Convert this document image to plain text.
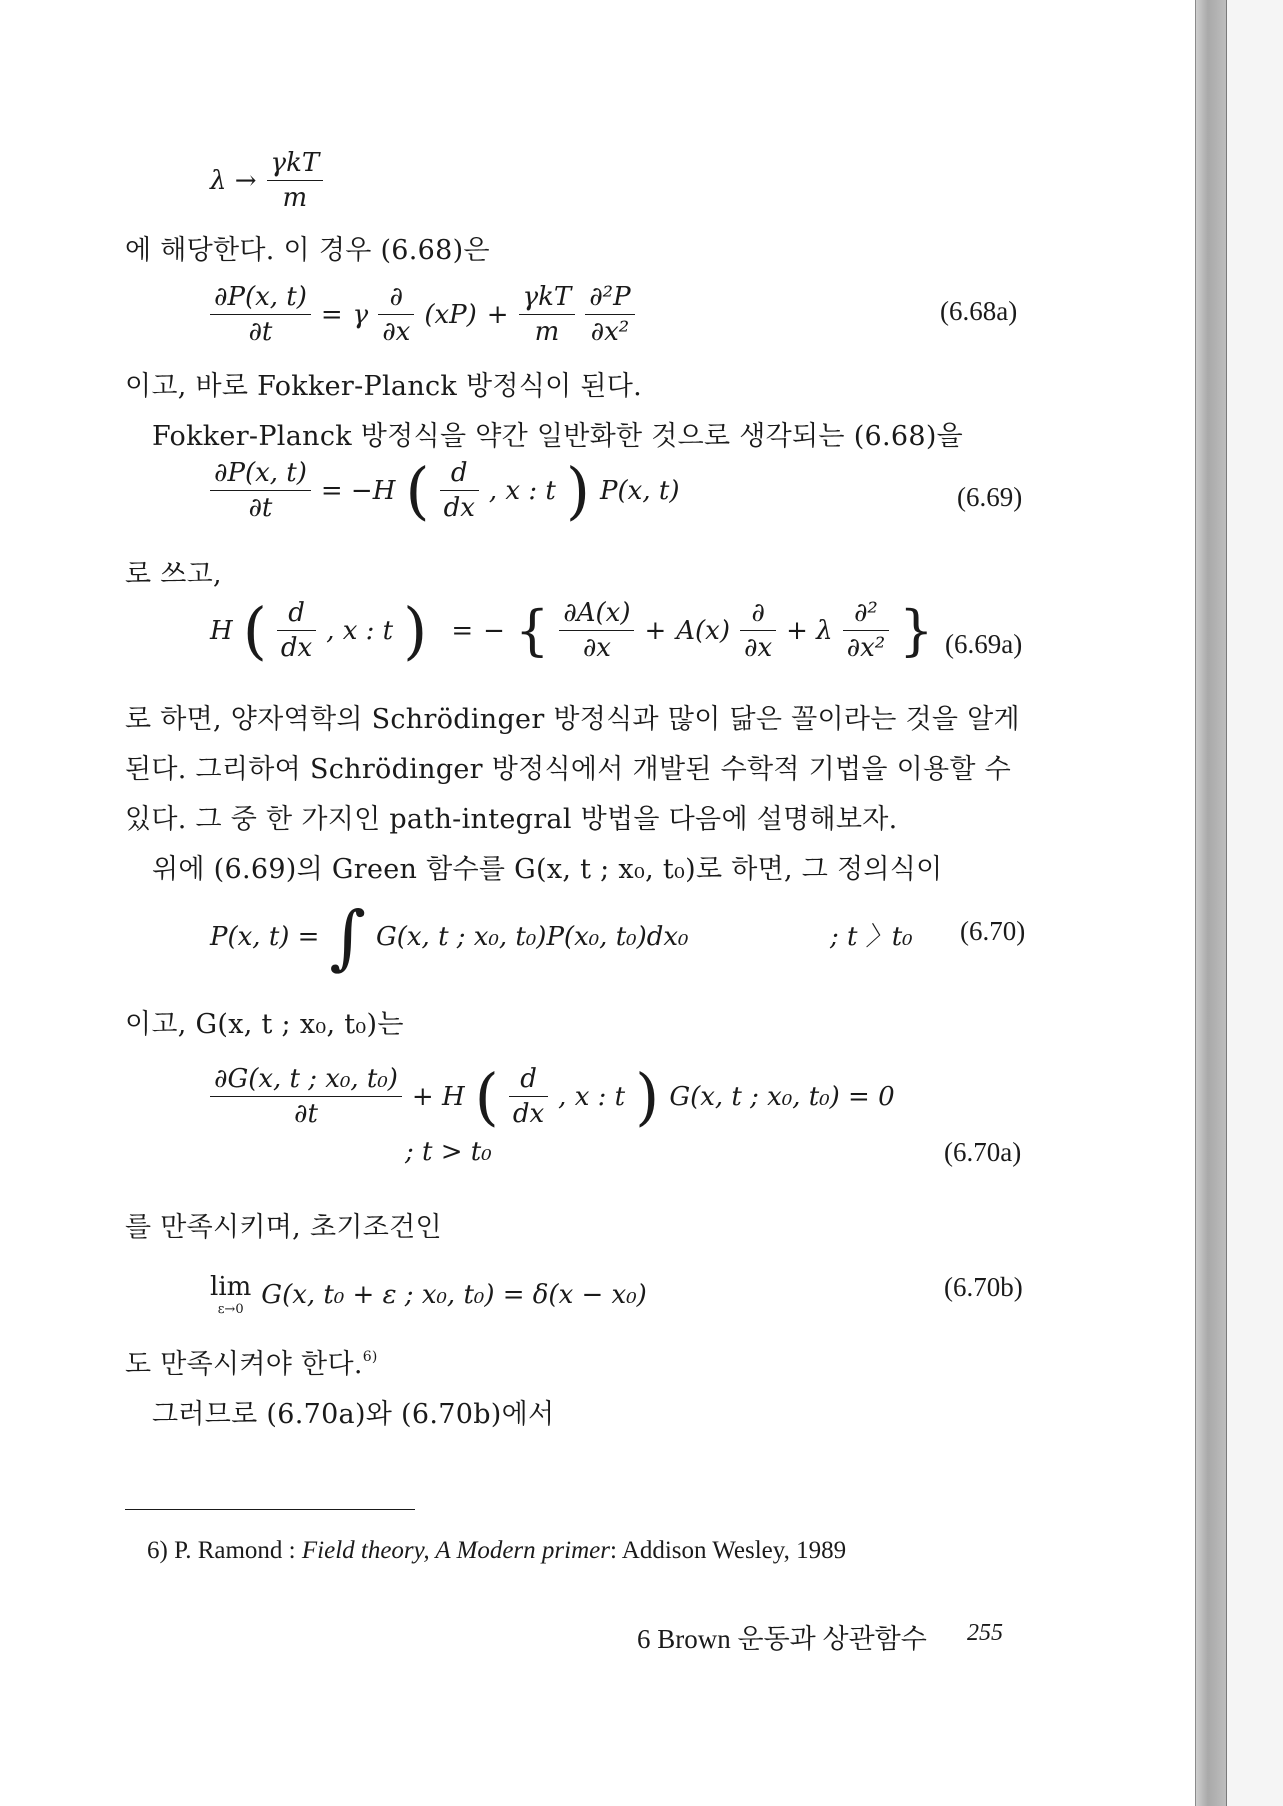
$\lambda \to \frac{\text{γkT}}{m}$
에 해당한다. 이 경우 (6.68)은
$\frac{\partial P(x, t)}{\partial t} = \gamma \frac{\partial}{\partial x} (xP) + \frac{\text{γkT}}{m} \frac{\text{∂²P}}{\text{∂x²}}$	(6.68a)
이고, 바로 Fokker-Planck 방정식이 된다.
Fokker-Planck 방정식을 약간 일반화한 것으로 생각되는 (6.68)을
$\frac{\partial P(x, t)}{\partial t} = -H$ ( $\frac{d}{dx}$ , x : t ) P(x, t)	(6.69)
로 쓰고,
H ( $\frac{d}{dx}$ , x : t ) = − { $\frac{\partial A(x)}{\partial x} + A(x) \frac{\partial}{\partial x} + \lambda \frac{\text{∂²}}{\text{∂x²}}$ } (6.69a)
로 하면, 양자역학의 Schrödinger 방정식과 많이 닮은 꼴이라는 것을 알게
된다. 그리하여 Schrödinger 방정식에서 개발된 수학적 기법을 이용할 수
있다. 그 중 한 가지인 path-integral 방법을 다음에 설명해보자.
위에 (6.69)의 Green 함수를 G(x, t ; x₀, t₀)로 하면, 그 정의식이
P(x, t) = ∫ G(x, t ; x₀, t₀)P(x₀, t₀)dx₀	; t 〉t₀ (6.70)
이고, G(x, t ; x₀, t₀)는
$\frac{\text{∂G(x, t ; x₀, t₀)}}{\partial t} + H$ ( $\frac{d}{dx}$ , x : t ) G(x, t ; x₀, t₀) = 0
; t > t₀	(6.70a)
를 만족시키며, 초기조건인
lim
ε→0 G(x, t₀ + ε ; x₀, t₀) = δ(x − x₀)	(6.70b)
도 만족시켜야 한다.$^{6)}$
그러므로 (6.70a)와 (6.70b)에서
6) P. Ramond : Field theory, A Modern primer: Addison Wesley, 1989
6 Brown 운동과 상관함수 255
